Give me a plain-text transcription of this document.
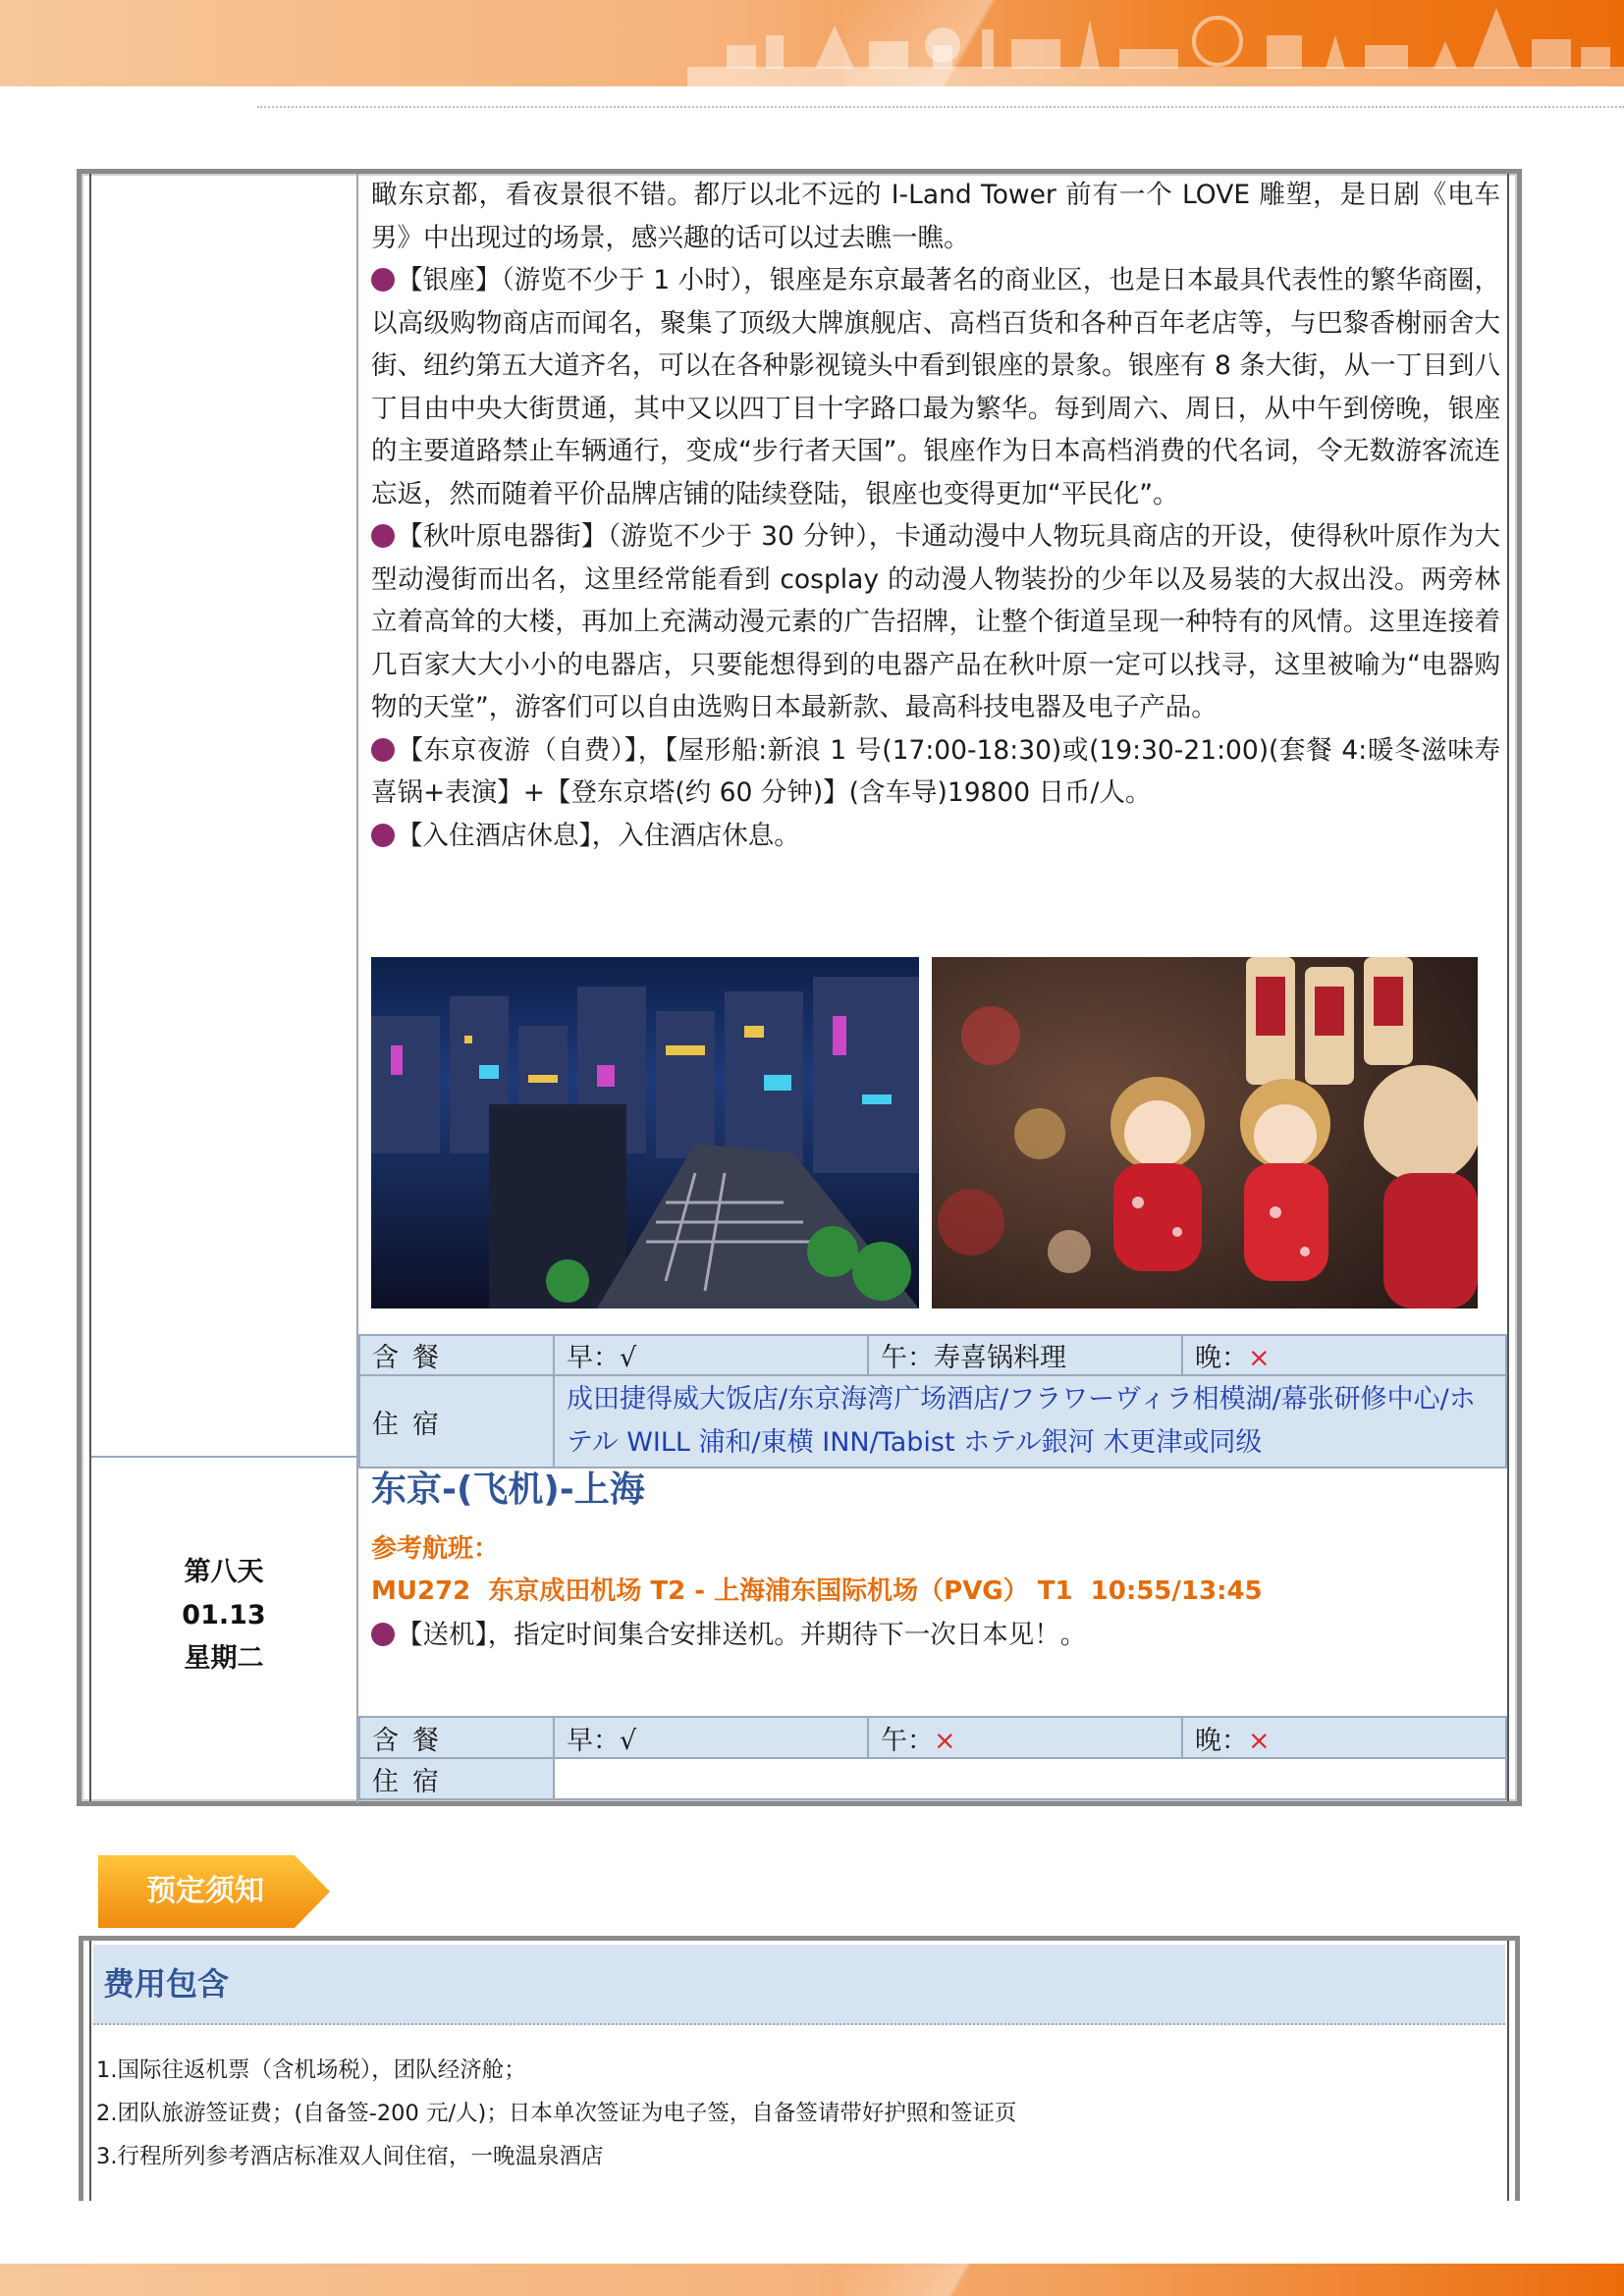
第八天
01.13
星期二

瞰东京都，看夜景很不错。都厅以北不远的 I-Land Tower 前有一个 LOVE 雕塑，是日剧《电车男》中出现过的场景，感兴趣的话可以过去瞧一瞧。

【银座】（游览不少于 1 小时），银座是东京最著名的商业区，也是日本最具代表性的繁华商圈，以高级购物商店而闻名，聚集了顶级大牌旗舰店、高档百货和各种百年老店等，与巴黎香榭丽舍大街、纽约第五大道齐名，可以在各种影视镜头中看到银座的景象。银座有 8 条大街，从一丁目到八丁目由中央大街贯通，其中又以四丁目十字路口最为繁华。每到周六、周日，从中午到傍晚，银座的主要道路禁止车辆通行，变成“步行者天国”。银座作为日本高档消费的代名词，令无数游客流连忘返，然而随着平价品牌店铺的陆续登陆，银座也变得更加“平民化”。

【秋叶原电器街】（游览不少于 30 分钟），卡通动漫中人物玩具商店的开设，使得秋叶原作为大型动漫街而出名，这里经常能看到 cosplay 的动漫人物装扮的少年以及易装的大叔出没。两旁林立着高耸的大楼，再加上充满动漫元素的广告招牌，让整个街道呈现一种特有的风情。这里连接着几百家大大小小的电器店，只要能想得到的电器产品在秋叶原一定可以找寻，这里被喻为“电器购物的天堂”，游客们可以自由选购日本最新款、最高科技电器及电子产品。

【东京夜游（自费）】，【屋形船:新浪 1 号(17:00-18:30)或(19:30-21:00)(套餐 4:暖冬滋味寿喜锅+表演】+【登东京塔(约 60 分钟)】(含车导)19800 日币/人。

【入住酒店休息】，入住酒店休息。

含餐	早：√	午：寿喜锅料理	晚：×
住宿	成田捷得威大饭店/东京海湾广场酒店/フラワーヴィラ相模湖/幕张研修中心/ホテル WILL 浦和/東横 INN/Tabist ホテル銀河 木更津或同级		
东京-(飞机)-上海
参考航班：
MU272  东京成田机场 T2 - 上海浦东国际机场（PVG） T1  10:55/13:45
【送机】，指定时间集合安排送机。并期待下一次日本见！。
含餐	早：√	午：×	晚：×
住宿			
预定须知
费用包含
1.国际往返机票（含机场税），团队经济舱；
2.团队旅游签证费；(自备签-200 元/人)；日本单次签证为电子签，自备签请带好护照和签证页
3.行程所列参考酒店标准双人间住宿，一晚温泉酒店
